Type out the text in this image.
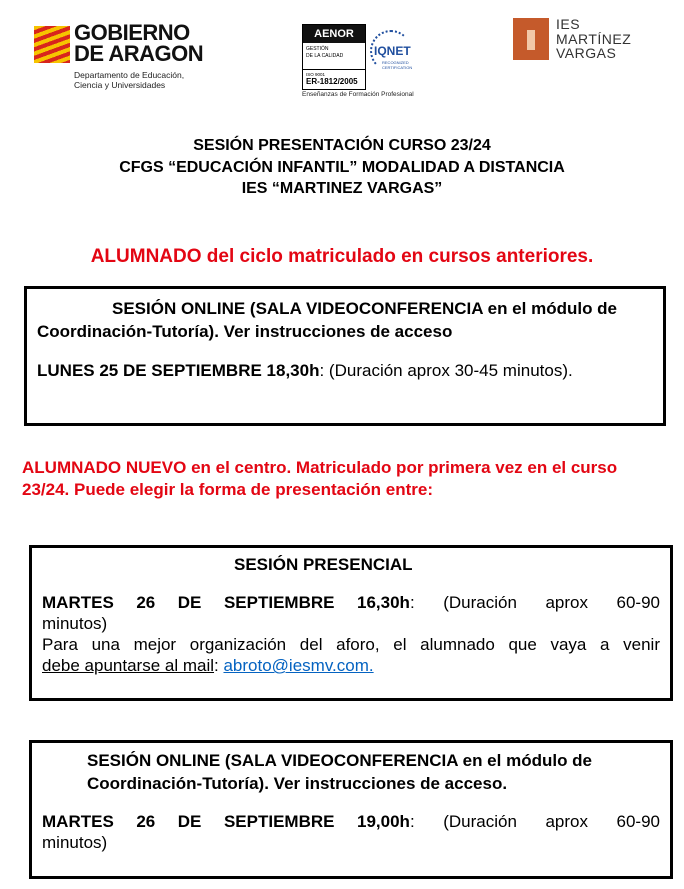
GOBIERNO
DE ARAGON
Departamento de Educación,
Ciencia y Universidades
AENOR
GESTIÓN
DE LA CALIDAD
ISO 9001
ER-1812/2005
IQNET
RECOGNIZED
CERTIFICATION
Enseñanzas de Formación Profesional
IES
MARTÍNEZ
VARGAS
SESIÓN PRESENTACIÓN CURSO 23/24
CFGS “EDUCACIÓN INFANTIL” MODALIDAD A DISTANCIA
IES “MARTINEZ VARGAS”
ALUMNADO del ciclo matriculado en cursos anteriores.
SESIÓN ONLINE (SALA VIDEOCONFERENCIA en el módulo de Coordinación-Tutoría). Ver instrucciones de acceso
LUNES 25 DE SEPTIEMBRE 18,30h: (Duración aprox 30-45 minutos).
ALUMNADO NUEVO en el centro. Matriculado por primera vez en el curso 23/24. Puede elegir la forma de presentación entre:
SESIÓN PRESENCIAL
MARTES 26 DE SEPTIEMBRE 16,30h: (Duración aprox 60-90 minutos)
Para una mejor organización del aforo, el alumnado que vaya a venir
debe apuntarse al mail: abroto@iesmv.com.
SESIÓN ONLINE (SALA VIDEOCONFERENCIA en el módulo de Coordinación-Tutoría). Ver instrucciones de acceso.
MARTES 26 DE SEPTIEMBRE 19,00h: (Duración aprox 60-90 minutos)
